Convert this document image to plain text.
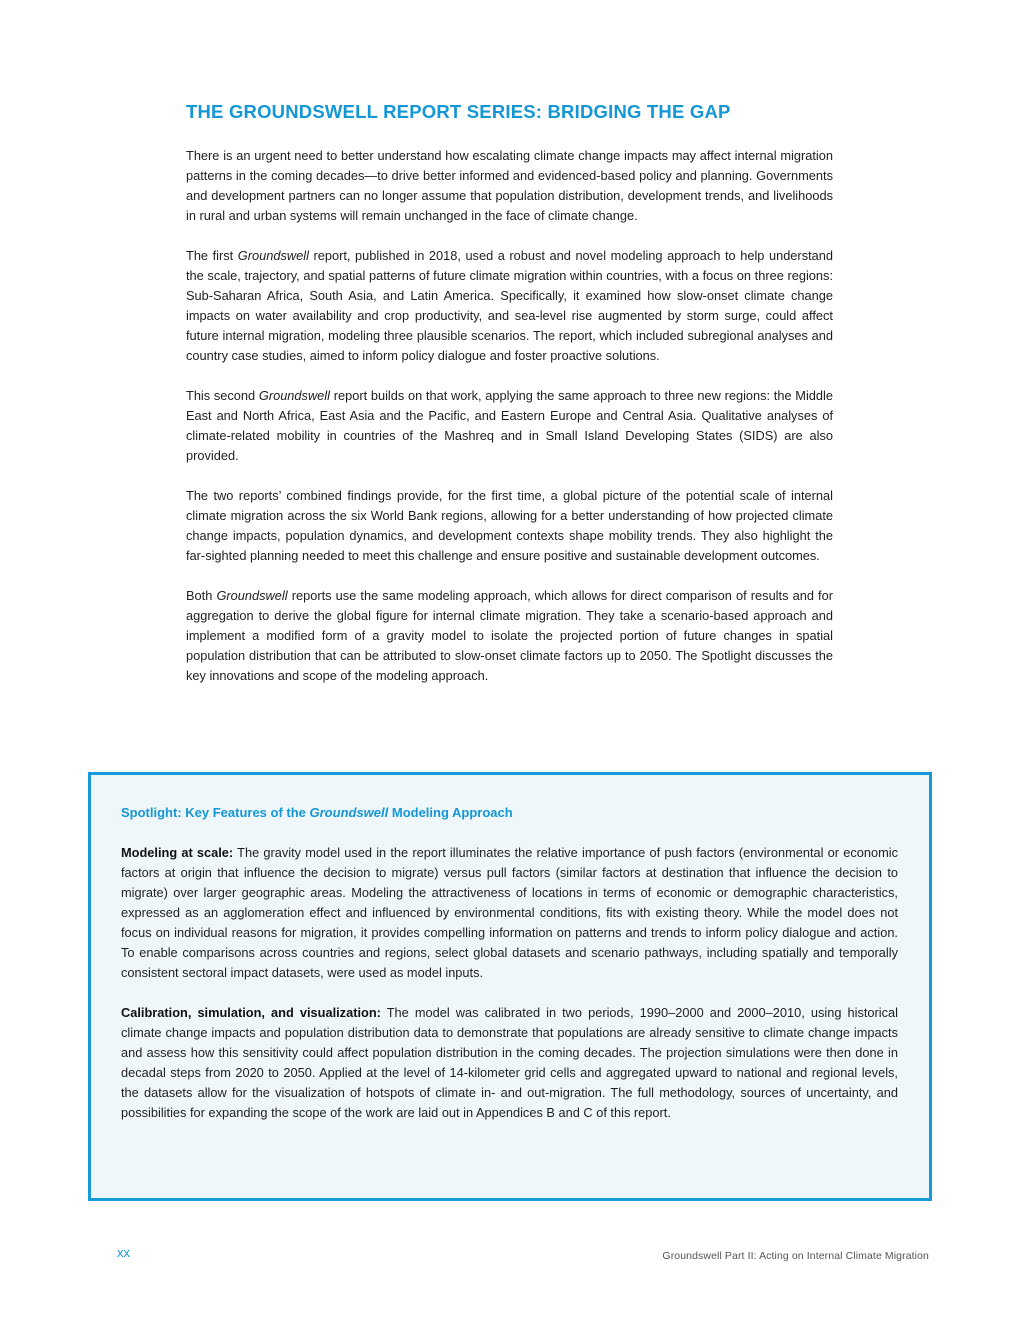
THE GROUNDSWELL REPORT SERIES: BRIDGING THE GAP

There is an urgent need to better understand how escalating climate change impacts may affect internal migration patterns in the coming decades—to drive better informed and evidenced-based policy and planning. Governments and development partners can no longer assume that population distribution, development trends, and livelihoods in rural and urban systems will remain unchanged in the face of climate change.

The first Groundswell report, published in 2018, used a robust and novel modeling approach to help understand the scale, trajectory, and spatial patterns of future climate migration within countries, with a focus on three regions: Sub-Saharan Africa, South Asia, and Latin America. Specifically, it examined how slow-onset climate change impacts on water availability and crop productivity, and sea-level rise augmented by storm surge, could affect future internal migration, modeling three plausible scenarios. The report, which included subregional analyses and country case studies, aimed to inform policy dialogue and foster proactive solutions.

This second Groundswell report builds on that work, applying the same approach to three new regions: the Middle East and North Africa, East Asia and the Pacific, and Eastern Europe and Central Asia. Qualitative analyses of climate-related mobility in countries of the Mashreq and in Small Island Developing States (SIDS) are also provided.

The two reports’ combined findings provide, for the first time, a global picture of the potential scale of internal climate migration across the six World Bank regions, allowing for a better understanding of how projected climate change impacts, population dynamics, and development contexts shape mobility trends. They also highlight the far-sighted planning needed to meet this challenge and ensure positive and sustainable development outcomes.

Both Groundswell reports use the same modeling approach, which allows for direct comparison of results and for aggregation to derive the global figure for internal climate migration. They take a scenario-based approach and implement a modified form of a gravity model to isolate the projected portion of future changes in spatial population distribution that can be attributed to slow-onset climate factors up to 2050. The Spotlight discusses the key innovations and scope of the modeling approach.

Spotlight: Key Features of the Groundswell Modeling Approach

Modeling at scale: The gravity model used in the report illuminates the relative importance of push factors (environmental or economic factors at origin that influence the decision to migrate) versus pull factors (similar factors at destination that influence the decision to migrate) over larger geographic areas. Modeling the attractiveness of locations in terms of economic or demographic characteristics, expressed as an agglomeration effect and influenced by environmental conditions, fits with existing theory. While the model does not focus on individual reasons for migration, it provides compelling information on patterns and trends to inform policy dialogue and action. To enable comparisons across countries and regions, select global datasets and scenario pathways, including spatially and temporally consistent sectoral impact datasets, were used as model inputs.

Calibration, simulation, and visualization: The model was calibrated in two periods, 1990–2000 and 2000–2010, using historical climate change impacts and population distribution data to demonstrate that populations are already sensitive to climate change impacts and assess how this sensitivity could affect population distribution in the coming decades. The projection simulations were then done in decadal steps from 2020 to 2050. Applied at the level of 14-kilometer grid cells and aggregated upward to national and regional levels, the datasets allow for the visualization of hotspots of climate in- and out-migration. The full methodology, sources of uncertainty, and possibilities for expanding the scope of the work are laid out in Appendices B and C of this report.

xx	Groundswell Part II: Acting on Internal Climate Migration
